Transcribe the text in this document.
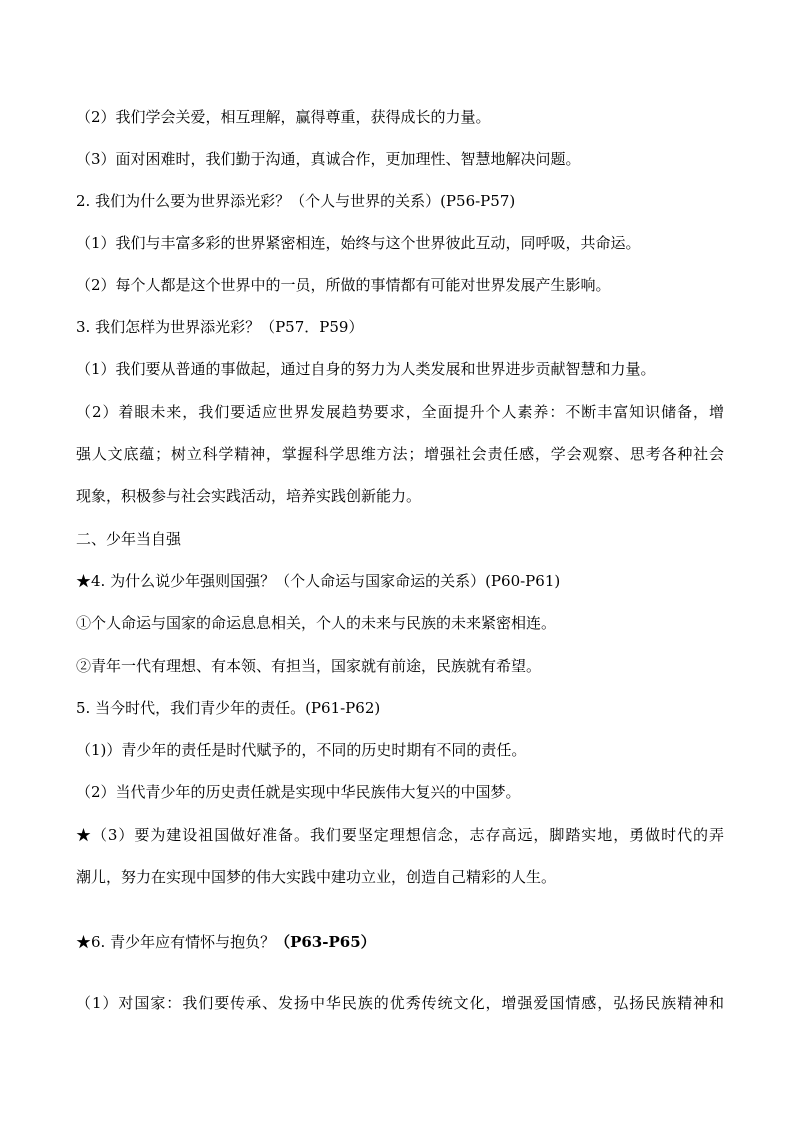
（2）我们学会关爱，相互理解，赢得尊重，获得成长的力量。
（3）面对困难时，我们勤于沟通，真诚合作，更加理性、智慧地解决问题。
2. 我们为什么要为世界添光彩？（个人与世界的关系）(P56-P57)
（1）我们与丰富多彩的世界紧密相连，始终与这个世界彼此互动，同呼吸，共命运。
（2）每个人都是这个世界中的一员，所做的事情都有可能对世界发展产生影响。
3. 我们怎样为世界添光彩？（P57．P59）
（1）我们要从普通的事做起，通过自身的努力为人类发展和世界进步贡献智慧和力量。
（2）着眼未来，我们要适应世界发展趋势要求，全面提升个人素养：不断丰富知识储备，增
强人文底蕴；树立科学精神，掌握科学思维方法；增强社会责任感，学会观察、思考各种社会
现象，积极参与社会实践活动，培养实践创新能力。
二、少年当自强
★4. 为什么说少年强则国强？（个人命运与国家命运的关系）(P60-P61)
①个人命运与国家的命运息息相关，个人的未来与民族的未来紧密相连。
②青年一代有理想、有本领、有担当，国家就有前途，民族就有希望。
5. 当今时代，我们青少年的责任。(P61-P62)
（1)）青少年的责任是时代赋予的，不同的历史时期有不同的责任。
（2）当代青少年的历史责任就是实现中华民族伟大复兴的中国梦。
★（3）要为建设祖国做好准备。我们要坚定理想信念，志存高远，脚踏实地，勇做时代的弄
潮儿，努力在实现中国梦的伟大实践中建功立业，创造自己精彩的人生。
★6. 青少年应有情怀与抱负？（P63-P65）
（1）对国家：我们要传承、发扬中华民族的优秀传统文化，增强爱国情感，弘扬民族精神和
